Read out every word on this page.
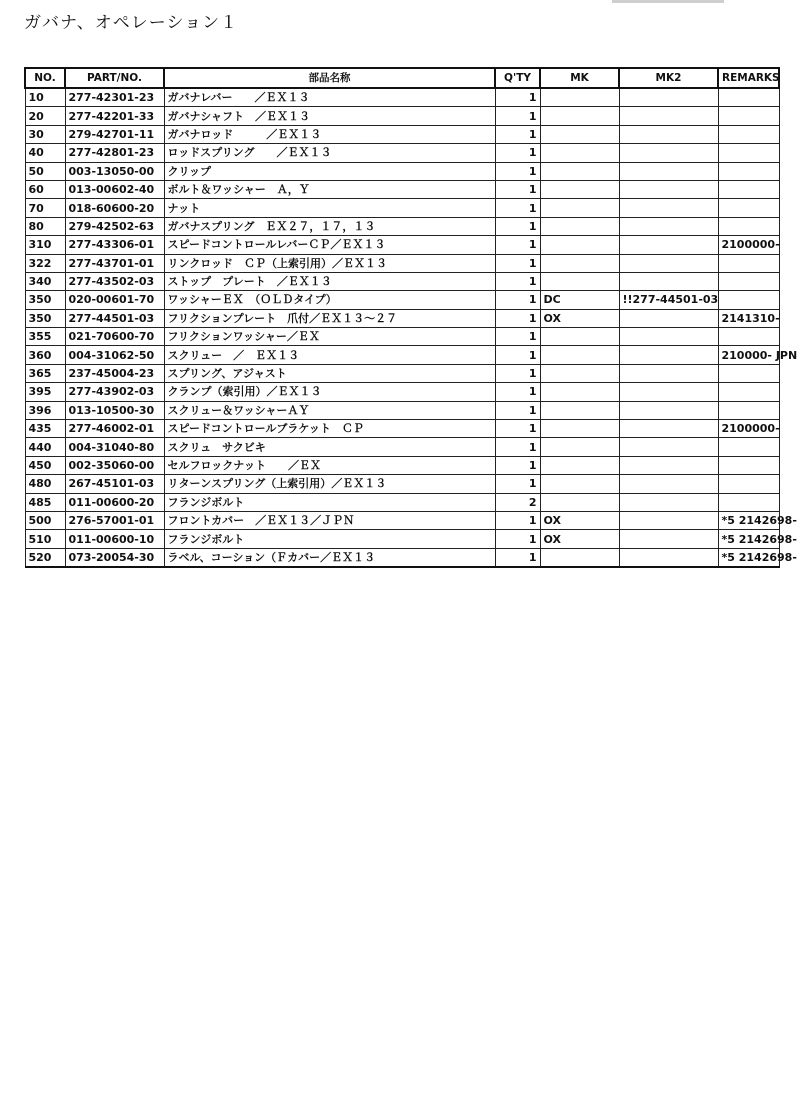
ガバナ、オペレーション１
NO.	PART/NO.	部品名称	Q'TY	MK	MK2	REMARKS
10	277-42301-23	ガバナレバー　　／ＥＸ１３	1			
20	277-42201-33	ガバナシャフト　／ＥＸ１３	1			
30	279-42701-11	ガバナロッド　　　／ＥＸ１３	1			
40	277-42801-23	ロッドスプリング　　／ＥＸ１３	1			
50	003-13050-00	クリップ	1			
60	013-00602-40	ボルト＆ワッシャー　Ａ，Ｙ	1			
70	018-60600-20	ナット	1			
80	279-42502-63	ガバナスプリング　ＥＸ２７，１７，１３	1			
310	277-43306-01	スピードコントロールレバーＣＰ／ＥＸ１３	1			2100000-
322	277-43701-01	リンクロッド　ＣＰ（上索引用）／ＥＸ１３	1			
340	277-43502-03	ストップ　プレート　／ＥＸ１３	1			
350	020-00601-70	ワッシャーＥＸ　（ＯＬＤタイプ）	1	DC	!!277-44501-03	
350	277-44501-03	フリクションプレート　爪付／ＥＸ１３～２７	1	OX		2141310-
355	021-70600-70	フリクションワッシャー／ＥＸ	1			
360	004-31062-50	スクリュー　／　ＥＸ１３	1			210000- JPN
365	237-45004-23	スプリング、アジャスト	1			
395	277-43902-03	クランプ（索引用）／ＥＸ１３	1			
396	013-10500-30	スクリュー＆ワッシャーＡＹ	1			
435	277-46002-01	スピードコントロールブラケット　ＣＰ	1			2100000-
440	004-31040-80	スクリュ　サクビキ	1			
450	002-35060-00	セルフロックナット　　／ＥＸ	1			
480	267-45101-03	リターンスプリング（上索引用）／ＥＸ１３	1			
485	011-00600-20	フランジボルト	2			
500	276-57001-01	フロントカバー　／ＥＸ１３／ＪＰＮ	1	OX		*5 2142698-
510	011-00600-10	フランジボルト	1	OX		*5 2142698-
520	073-20054-30	ラベル、コーション（Ｆカバー／ＥＸ１３	1			*5 2142698-
